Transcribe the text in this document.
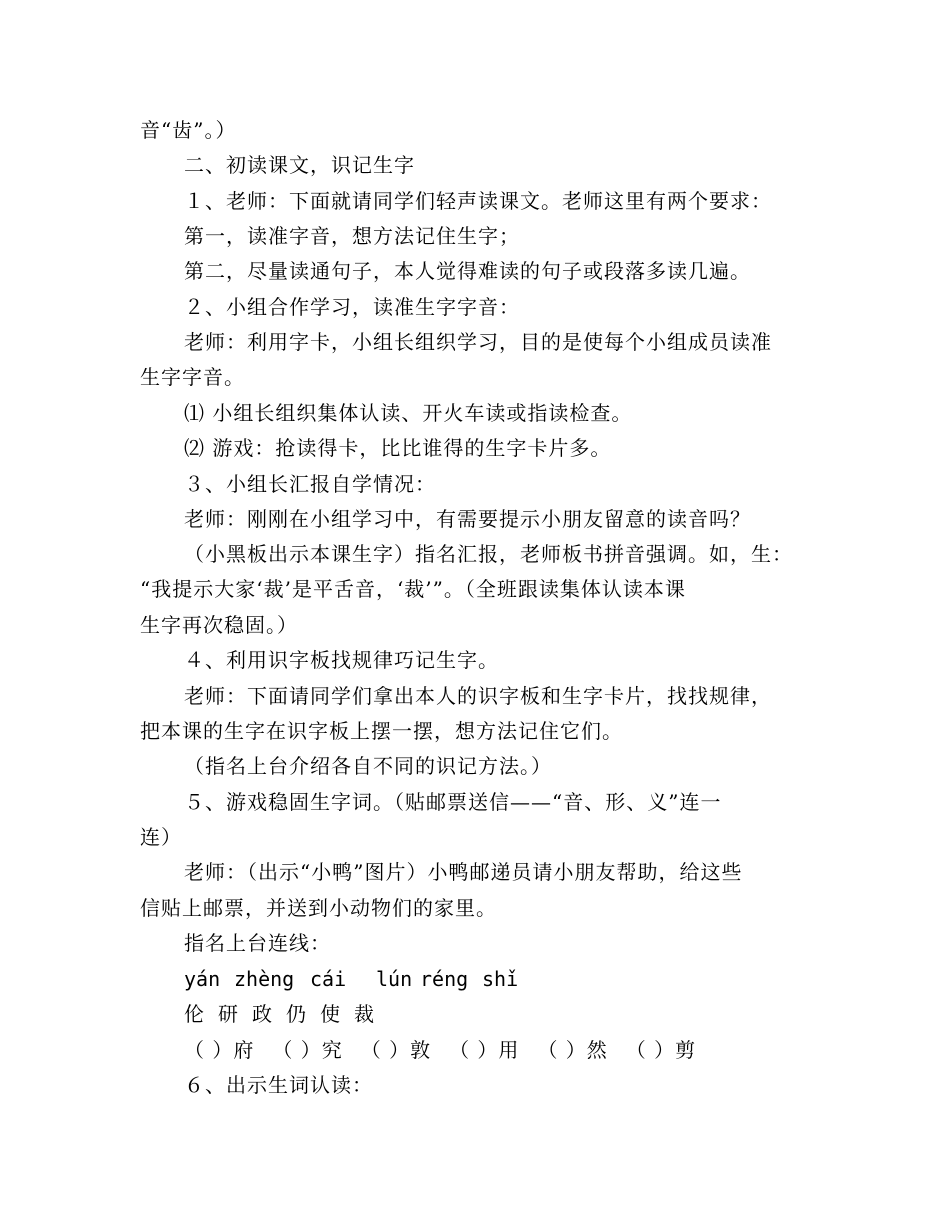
音“齿”。）
二、初读课文，识记生字
１、老师：下面就请同学们轻声读课文。老师这里有两个要求：
第一，读准字音，想方法记住生字；
第二，尽量读通句子，本人觉得难读的句子或段落多读几遍。
２、小组合作学习，读准生字字音：
老师：利用字卡，小组长组织学习，目的是使每个小组成员读准
生字字音。
⑴ 小组长组织集体认读、开火车读或指读检查。
⑵ 游戏：抢读得卡，比比谁得的生字卡片多。
３、小组长汇报自学情况：
老师：刚刚在小组学习中，有需要提示小朋友留意的读音吗？
（小黑板出示本课生字）指名汇报，老师板书拼音强调。如，生：
“我提示大家‘裁’是平舌音，‘裁’”。（全班跟读集体认读本课
生字再次稳固。）
４、利用识字板找规律巧记生字。
老师：下面请同学们拿出本人的识字板和生字卡片，找找规律，
把本课的生字在识字板上摆一摆，想方法记住它们。
（指名上台介绍各自不同的识记方法。）
５、游戏稳固生字词。（贴邮票送信——“音、形、义”连一
连）
老师：（出示“小鸭”图片）小鸭邮递员请小朋友帮助，给这些
信贴上邮票，并送到小动物们的家里。
指名上台连线：
yán zhèng cái lún réng shǐ
伦 研 政 仍 使 裁
（ ）府 （ ）究 （ ）敦 （ ）用 （ ）然 （ ）剪
６、出示生词认读：
